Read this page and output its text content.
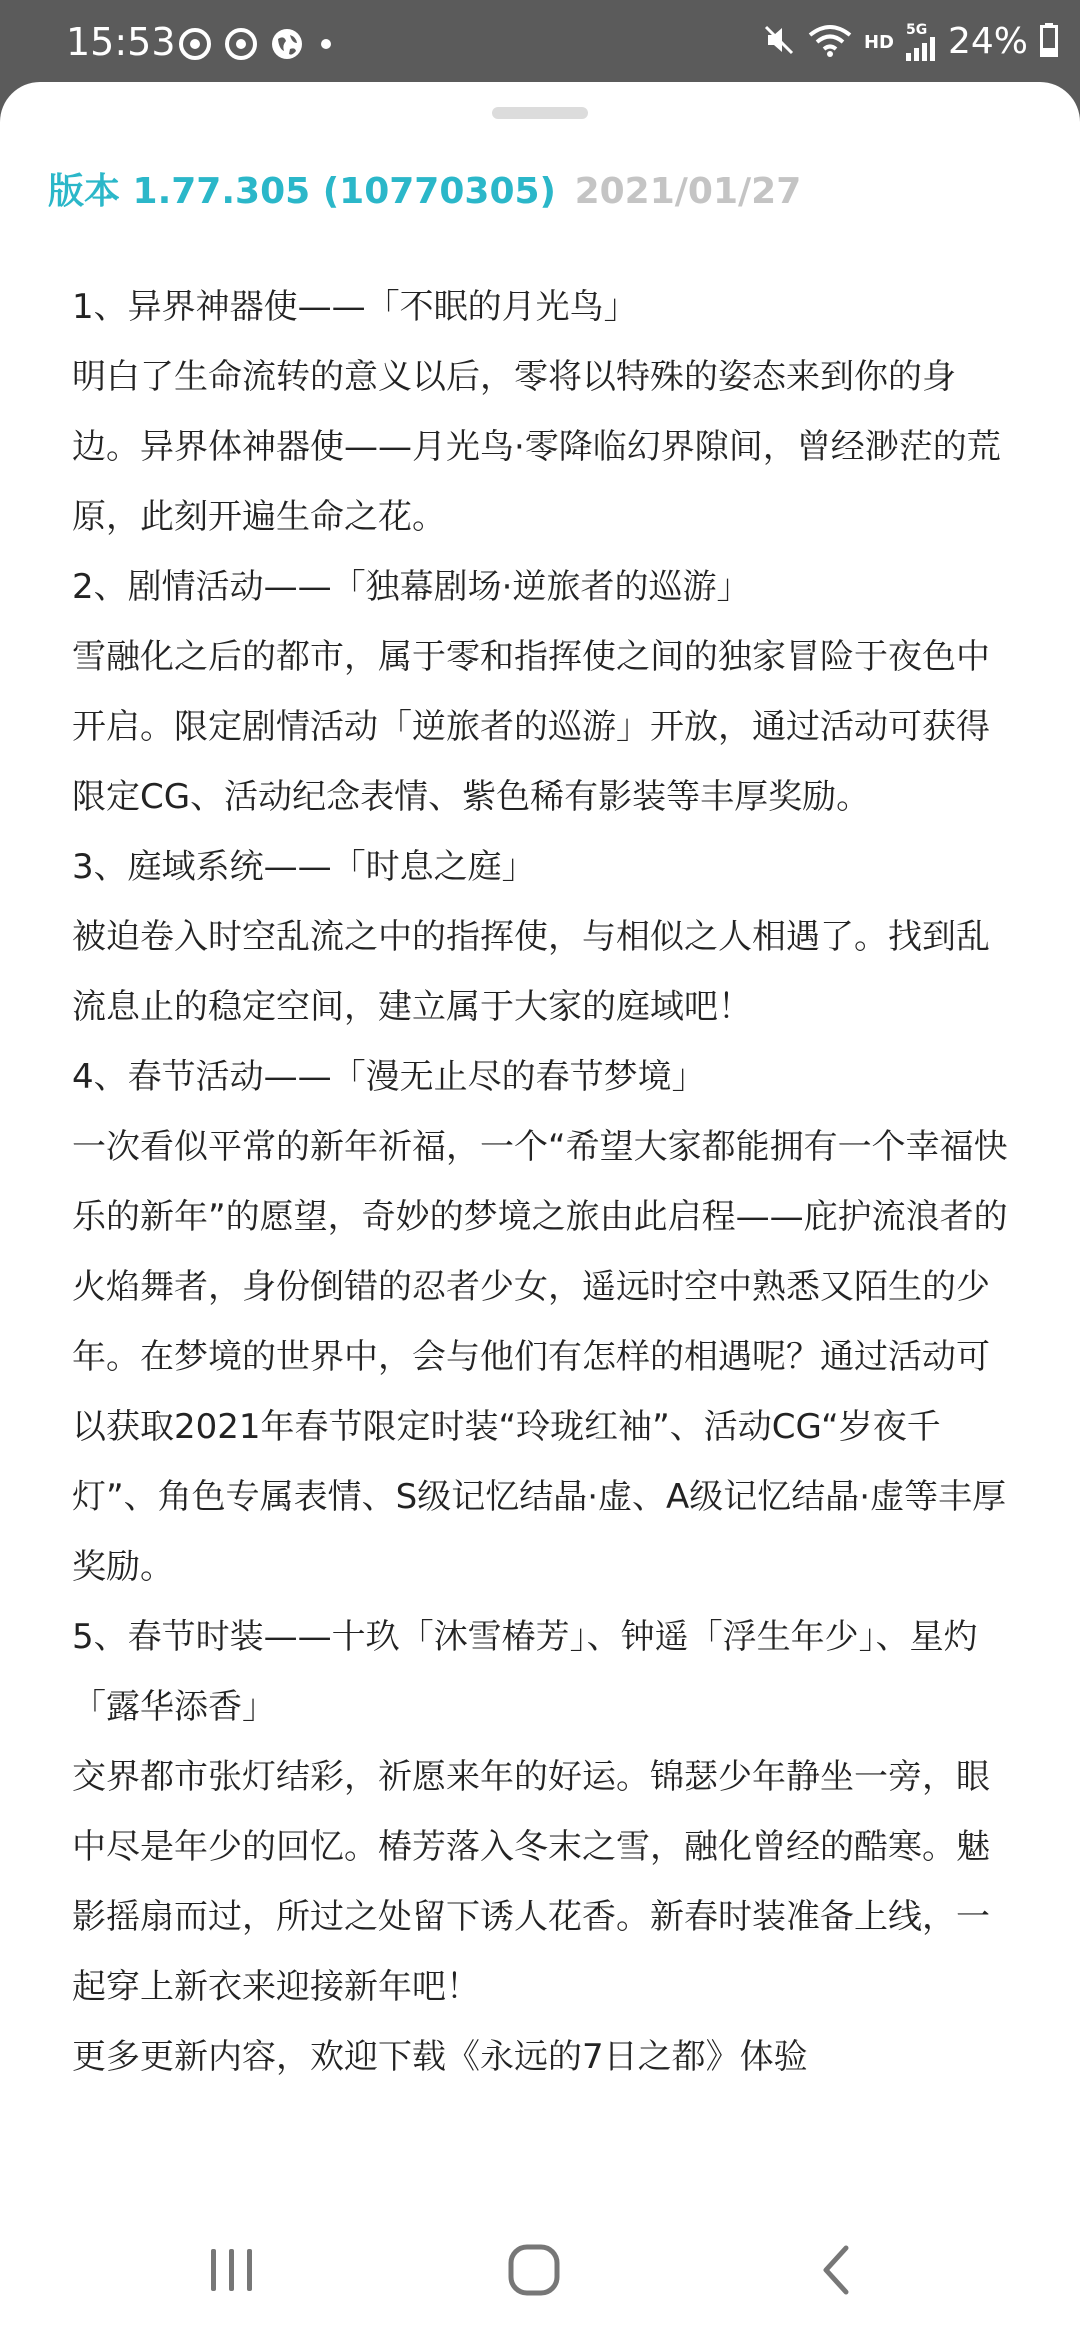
15:53	HD
5G 24%
版本 1.77.305 (10770305) 2021/01/27

1、异界神器使——「不眠的月光鸟」

明白了生命流转的意义以后，零将以特殊的姿态来到你的身边。异界体神器使——月光鸟·零降临幻界隙间，曾经渺茫的荒原，此刻开遍生命之花。

2、剧情活动——「独幕剧场·逆旅者的巡游」

雪融化之后的都市，属于零和指挥使之间的独家冒险于夜色中开启。限定剧情活动「逆旅者的巡游」开放，通过活动可获得限定CG、活动纪念表情、紫色稀有影装等丰厚奖励。

3、庭域系统——「时息之庭」

被迫卷入时空乱流之中的指挥使，与相似之人相遇了。找到乱流息止的稳定空间，建立属于大家的庭域吧！

4、春节活动——「漫无止尽的春节梦境」

一次看似平常的新年祈福，一个“希望大家都能拥有一个幸福快乐的新年”的愿望，奇妙的梦境之旅由此启程——庇护流浪者的火焰舞者，身份倒错的忍者少女，遥远时空中熟悉又陌生的少年。在梦境的世界中，会与他们有怎样的相遇呢？通过活动可以获取2021年春节限定时装“玲珑红袖”、活动CG“岁夜千灯”、角色专属表情、S级记忆结晶·虚、A级记忆结晶·虚等丰厚奖励。

5、春节时装——十玖「沐雪椿芳」、钟遥「浮生年少」、星灼「露华添香」

交界都市张灯结彩，祈愿来年的好运。锦瑟少年静坐一旁，眼中尽是年少的回忆。椿芳落入冬末之雪，融化曾经的酷寒。魅影摇扇而过，所过之处留下诱人花香。新春时装准备上线，一起穿上新衣来迎接新年吧！

更多更新内容，欢迎下载《永远的7日之都》体验
